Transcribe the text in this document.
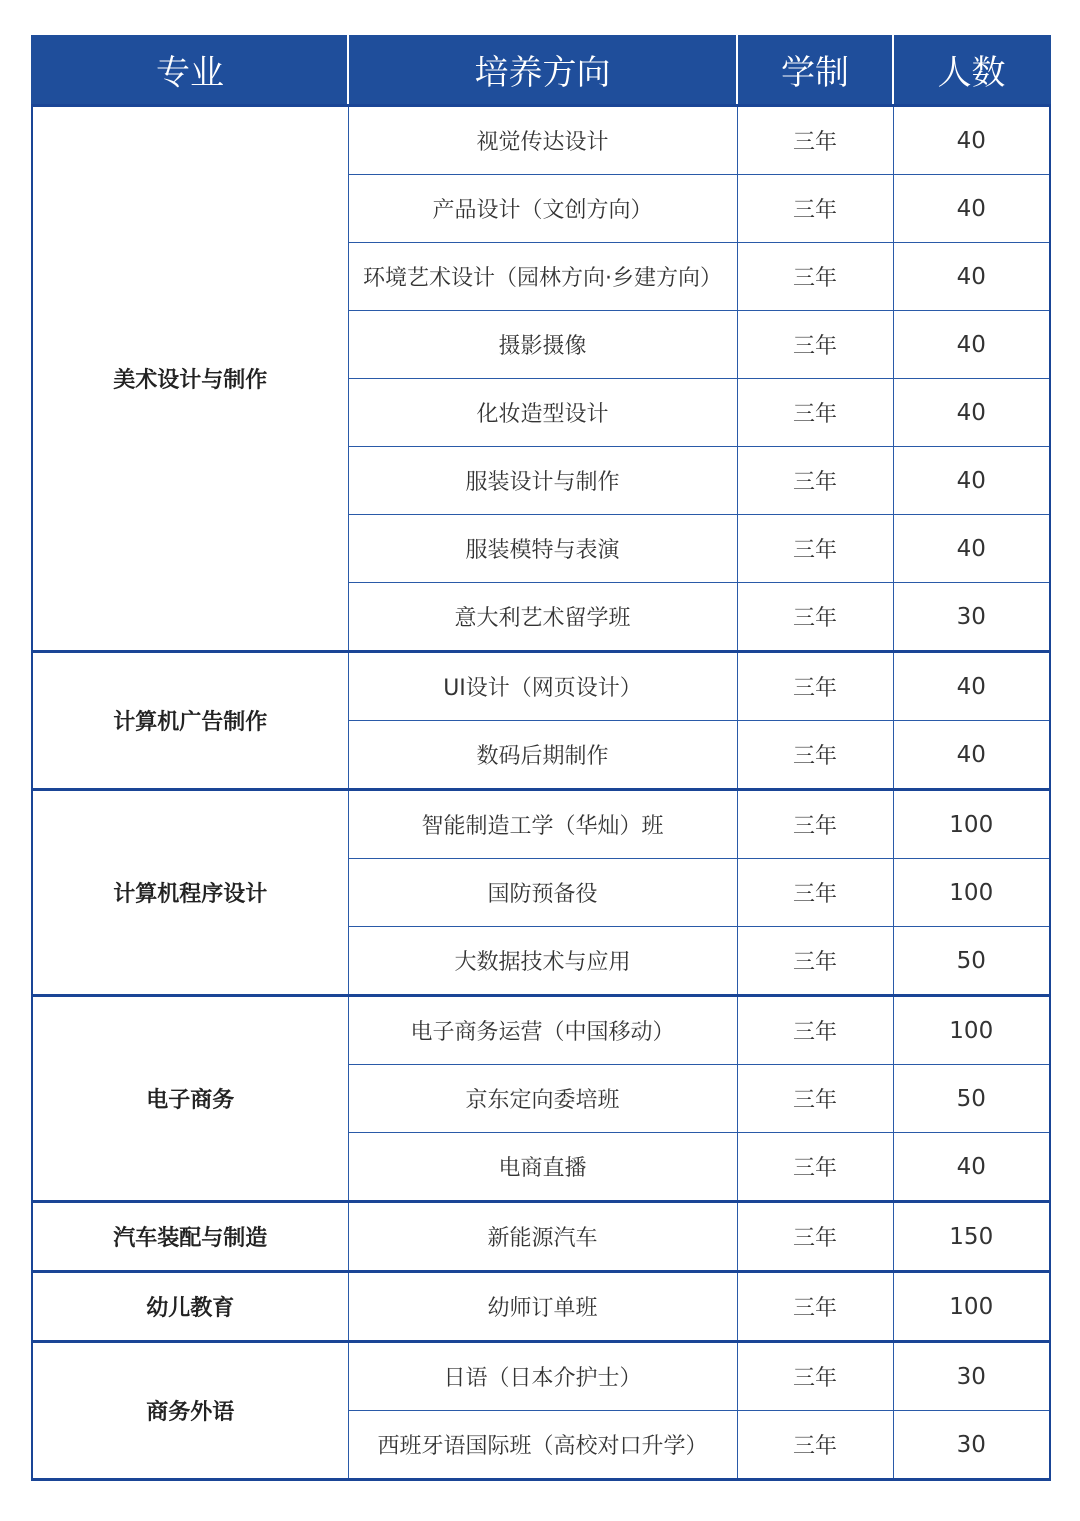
专业	培养方向	学制	人数
美术设计与制作	视觉传达设计	三年	40
	产品设计（文创方向）	三年	40
	环境艺术设计（园林方向·乡建方向）	三年	40
	摄影摄像	三年	40
	化妆造型设计	三年	40
	服装设计与制作	三年	40
	服装模特与表演	三年	40
	意大利艺术留学班	三年	30
计算机广告制作	UI设计（网页设计）	三年	40
	数码后期制作	三年	40
计算机程序设计	智能制造工学（华灿）班	三年	100
	国防预备役	三年	100
	大数据技术与应用	三年	50
电子商务	电子商务运营（中国移动）	三年	100
	京东定向委培班	三年	50
	电商直播	三年	40
汽车装配与制造	新能源汽车	三年	150
幼儿教育	幼师订单班	三年	100
商务外语	日语（日本介护士）	三年	30
	西班牙语国际班（高校对口升学）	三年	30
